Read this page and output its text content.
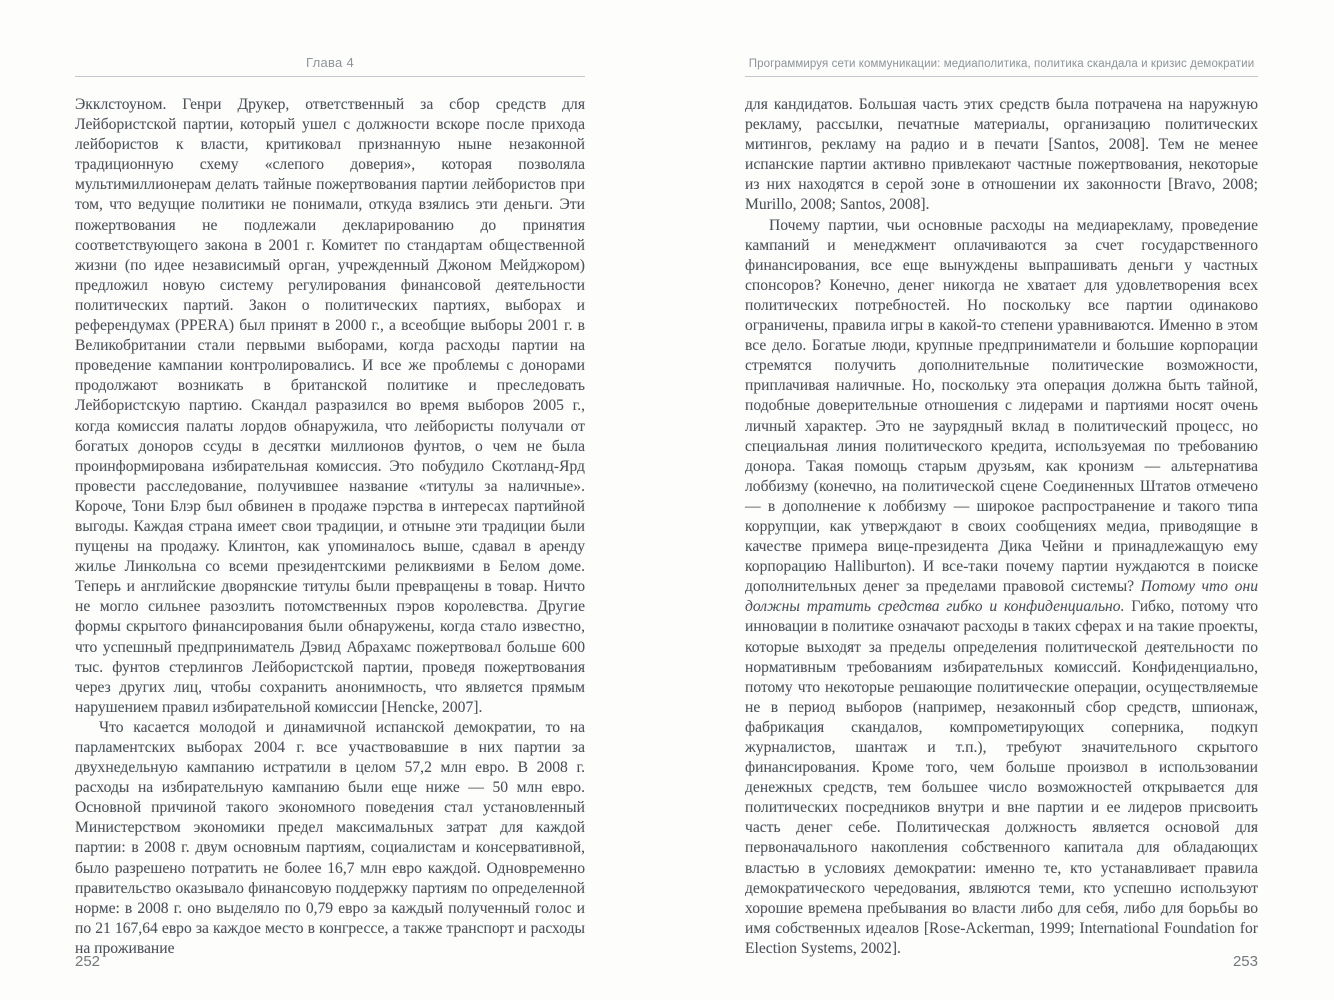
Глава 4

Экклстоуном. Генри Друкер, ответственный за сбор средств для Лейбористской партии, который ушел с должности вскоре после прихода лейбористов к власти, критиковал признанную ныне незаконной традиционную схему «слепого доверия», которая позволяла мультимиллионерам делать тайные пожертвования партии лейбористов при том, что ведущие политики не понимали, откуда взялись эти деньги. Эти пожертвования не подлежали декларированию до принятия соответствующего закона в 2001 г. Комитет по стандартам общественной жизни (по идее независимый орган, учрежденный Джоном Мейджором) предложил новую систему регулирования финансовой деятельности политических партий. Закон о политических партиях, выборах и референдумах (PPERA) был принят в 2000 г., а всеобщие выборы 2001 г. в Великобритании стали первыми выборами, когда расходы партии на проведение кампании контролировались. И все же проблемы с донорами продолжают возникать в британской политике и преследовать Лейбористскую партию. Скандал разразился во время выборов 2005 г., когда комиссия палаты лордов обнаружила, что лейбористы получали от богатых доноров ссуды в десятки миллионов фунтов, о чем не была проинформирована избирательная комиссия. Это побудило Скотланд-Ярд провести расследование, получившее название «титулы за наличные». Короче, Тони Блэр был обвинен в продаже пэрства в интересах партийной выгоды. Каждая страна имеет свои традиции, и отныне эти традиции были пущены на продажу. Клинтон, как упоминалось выше, сдавал в аренду жилье Линкольна со всеми президентскими реликвиями в Белом доме. Теперь и английские дворянские титулы были превращены в товар. Ничто не могло сильнее разозлить потомственных пэров королевства. Другие формы скрытого финансирования были обнаружены, когда стало известно, что успешный предприниматель Дэвид Абрахамс пожертвовал больше 600 тыс. фунтов стерлингов Лейбористской партии, проведя пожертвования через других лиц, чтобы сохранить анонимность, что является прямым нарушением правил избирательной комиссии [Hencke, 2007].

Что касается молодой и динамичной испанской демократии, то на парламентских выборах 2004 г. все участвовавшие в них партии за двухнедельную кампанию истратили в целом 57,2 млн евро. В 2008 г. расходы на избирательную кампанию были еще ниже — 50 млн евро. Основной причиной такого экономного поведения стал установленный Министерством экономики предел максимальных затрат для каждой партии: в 2008 г. двум основным партиям, социалистам и консервативной, было разрешено потратить не более 16,7 млн евро каждой. Одновременно правительство оказывало финансовую поддержку партиям по определенной норме: в 2008 г. оно выделяло по 0,79 евро за каждый полученный голос и по 21 167,64 евро за каждое место в конгрессе, а также транспорт и расходы на проживание

252
Программируя сети коммуникации: медиаполитика, политика скандала и кризис демократии

для кандидатов. Большая часть этих средств была потрачена на наружную рекламу, рассылки, печатные материалы, организацию политических митингов, рекламу на радио и в печати [Santos, 2008]. Тем не менее испанские партии активно привлекают частные пожертвования, некоторые из них находятся в серой зоне в отношении их законности [Bravo, 2008; Murillo, 2008; Santos, 2008].

Почему партии, чьи основные расходы на медиарекламу, проведение кампаний и менеджмент оплачиваются за счет государственного финансирования, все еще вынуждены выпрашивать деньги у частных спонсоров? Конечно, денег никогда не хватает для удовлетворения всех политических потребностей. Но поскольку все партии одинаково ограничены, правила игры в какой-то степени уравниваются. Именно в этом все дело. Богатые люди, крупные предприниматели и большие корпорации стремятся получить дополнительные политические возможности, приплачивая наличные. Но, поскольку эта операция должна быть тайной, подобные доверительные отношения с лидерами и партиями носят очень личный характер. Это не заурядный вклад в политический процесс, но специальная линия политического кредита, используемая по требованию донора. Такая помощь старым друзьям, как кронизм — альтернатива лоббизму (конечно, на политической сцене Соединенных Штатов отмечено — в дополнение к лоббизму — широкое распространение и такого типа коррупции, как утверждают в своих сообщениях медиа, приводящие в качестве примера вице-президента Дика Чейни и принадлежащую ему корпорацию Halliburton). И все-таки почему партии нуждаются в поиске дополнительных денег за пределами правовой системы? Потому что они должны тратить средства гибко и конфиденциально. Гибко, потому что инновации в политике означают расходы в таких сферах и на такие проекты, которые выходят за пределы определения политической деятельности по нормативным требованиям избирательных комиссий. Конфиденциально, потому что некоторые решающие политические операции, осуществляемые не в период выборов (например, незаконный сбор средств, шпионаж, фабрикация скандалов, компрометирующих соперника, подкуп журналистов, шантаж и т.п.), требуют значительного скрытого финансирования. Кроме того, чем больше произвол в использовании денежных средств, тем большее число возможностей открывается для политических посредников внутри и вне партии и ее лидеров присвоить часть денег себе. Политическая должность является основой для первоначального накопления собственного капитала для обладающих властью в условиях демократии: именно те, кто устанавливает правила демократического чередования, являются теми, кто успешно используют хорошие времена пребывания во власти либо для себя, либо для борьбы во имя собственных идеалов [Rose-Ackerman, 1999; International Foundation for Election Systems, 2002].

253
